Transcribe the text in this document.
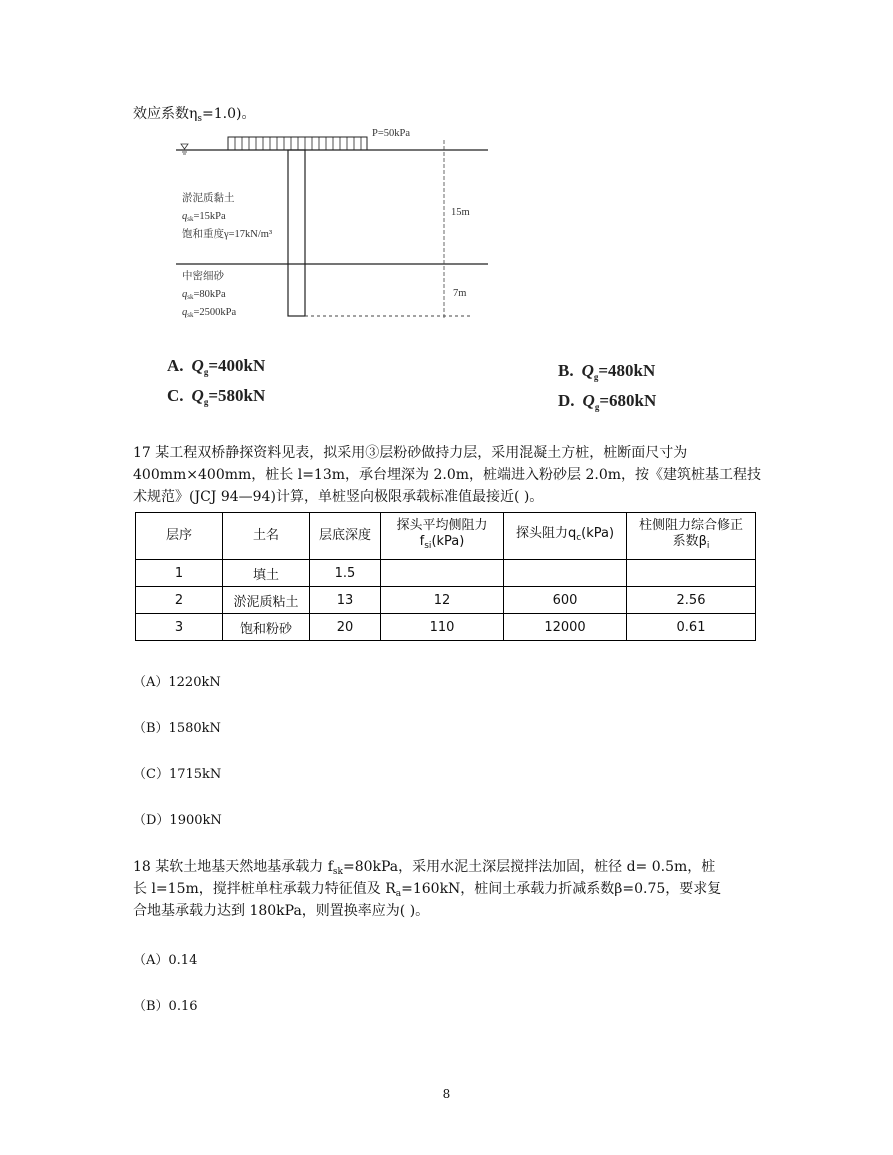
效应系数$\eta_s=1.0$)。
P=50kPa
15m
7m
淤泥质黏土
qsk=15kPa
饱和重度γ=17kN/m³
中密细砂
qsk=80kPa
qsk=2500kPa
A. $Q_g=400kN$
C. $Q_g=580kN$
B. $Q_g=480kN$
D. $Q_g=680kN$
17 某工程双桥静探资料见表，拟采用③层粉砂做持力层，采用混凝土方桩，桩断面尺寸为
400mm×400mm，桩长 l=13m，承台埋深为 2.0m，桩端进入粉砂层 2.0m，按《建筑桩基工程技
术规范》(JCJ 94—94)计算，单桩竖向极限承载标准值最接近( )。
层序	土名	层底深度	探头平均侧阻力
$f_{si}(kPa)$	探头阻力$q_c(kPa)$	柱侧阻力综合修正
系数$\beta_i$
1	填土	1.5			
2	淤泥质粘土	13	12	600	2.56
3	饱和粉砂	20	110	12000	0.61
（A）1220kN
（B）1580kN
（C）1715kN
（D）1900kN
18 某软土地基天然地基承载力 $f_{sk}=80kPa$，采用水泥土深层搅拌法加固，桩径 d= 0.5m，桩
长 l=15m，搅拌桩单柱承载力特征值及 $R_a=160kN$，桩间土承载力折减系数β=0.75，要求复
合地基承载力达到 180kPa，则置换率应为( )。
（A）0.14
（B）0.16
8
